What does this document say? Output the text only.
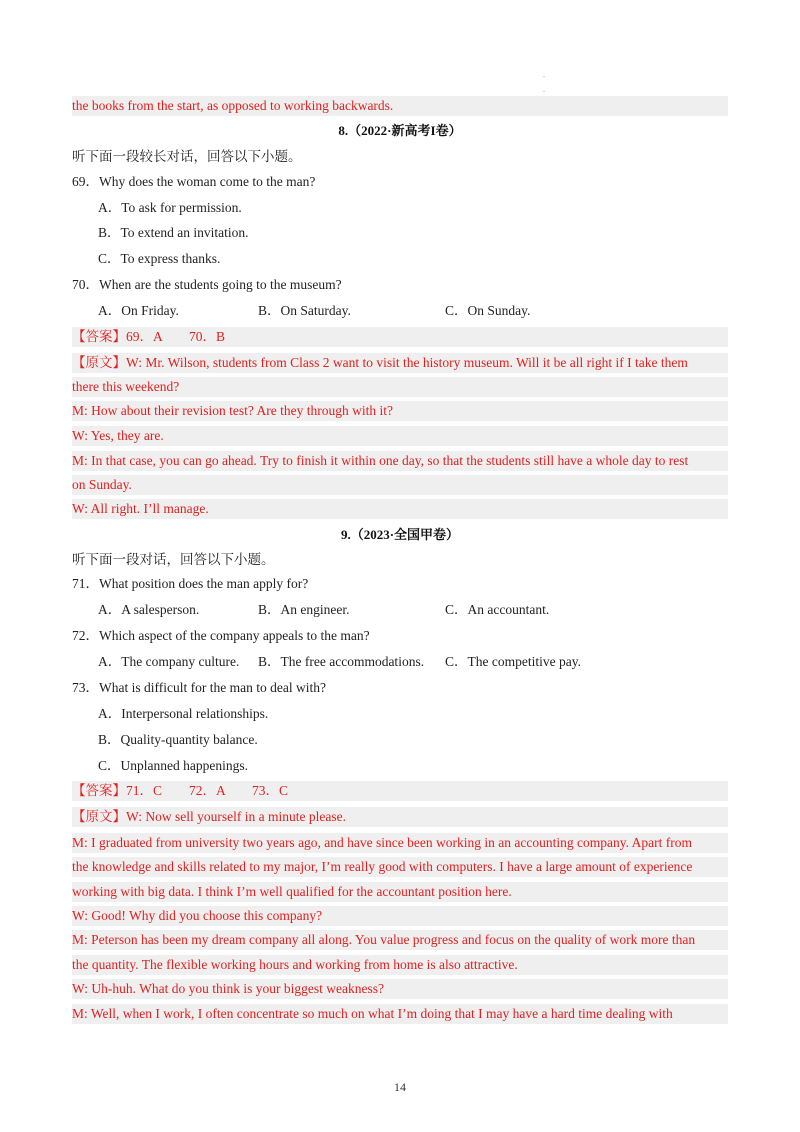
.
.
the books from the start, as opposed to working backwards.
8.（2022·新高考I卷）
听下面一段较长对话，回答以下小题。
69．Why does the woman come to the man?
A．To ask for permission.
B．To extend an invitation.
C．To express thanks.
70．When are the students going to the museum?
A．On Friday.	B．On Saturday.	C．On Sunday.
【答案】69．A　　70．B
【原文】W: Mr. Wilson, students from Class 2 want to visit the history museum. Will it be all right if I take them
there this weekend?
M: How about their revision test? Are they through with it?
W: Yes, they are.
M: In that case, you can go ahead. Try to finish it within one day, so that the students still have a whole day to rest
on Sunday.
W: All right. I’ll manage.
9.（2023·全国甲卷）
听下面一段对话，回答以下小题。
71．What position does the man apply for?
A．A salesperson.	B．An engineer.	C．An accountant.
72．Which aspect of the company appeals to the man?
A．The company culture. B．The free accommodations. C．The competitive pay.
73．What is difficult for the man to deal with?
A．Interpersonal relationships.
B．Quality-quantity balance.
C．Unplanned happenings.
【答案】71．C　　72．A　　73．C
【原文】W: Now sell yourself in a minute please.
M: I graduated from university two years ago, and have since been working in an accounting company. Apart from
the knowledge and skills related to my major, I’m really good with computers. I have a large amount of experience
working with big data. I think I’m well qualified for the accountant position here.
W: Good! Why did you choose this company?
M: Peterson has been my dream company all along. You value progress and focus on the quality of work more than
the quantity. The flexible working hours and working from home is also attractive.
W: Uh-huh. What do you think is your biggest weakness?
M: Well, when I work, I often concentrate so much on what I’m doing that I may have a hard time dealing with
14
